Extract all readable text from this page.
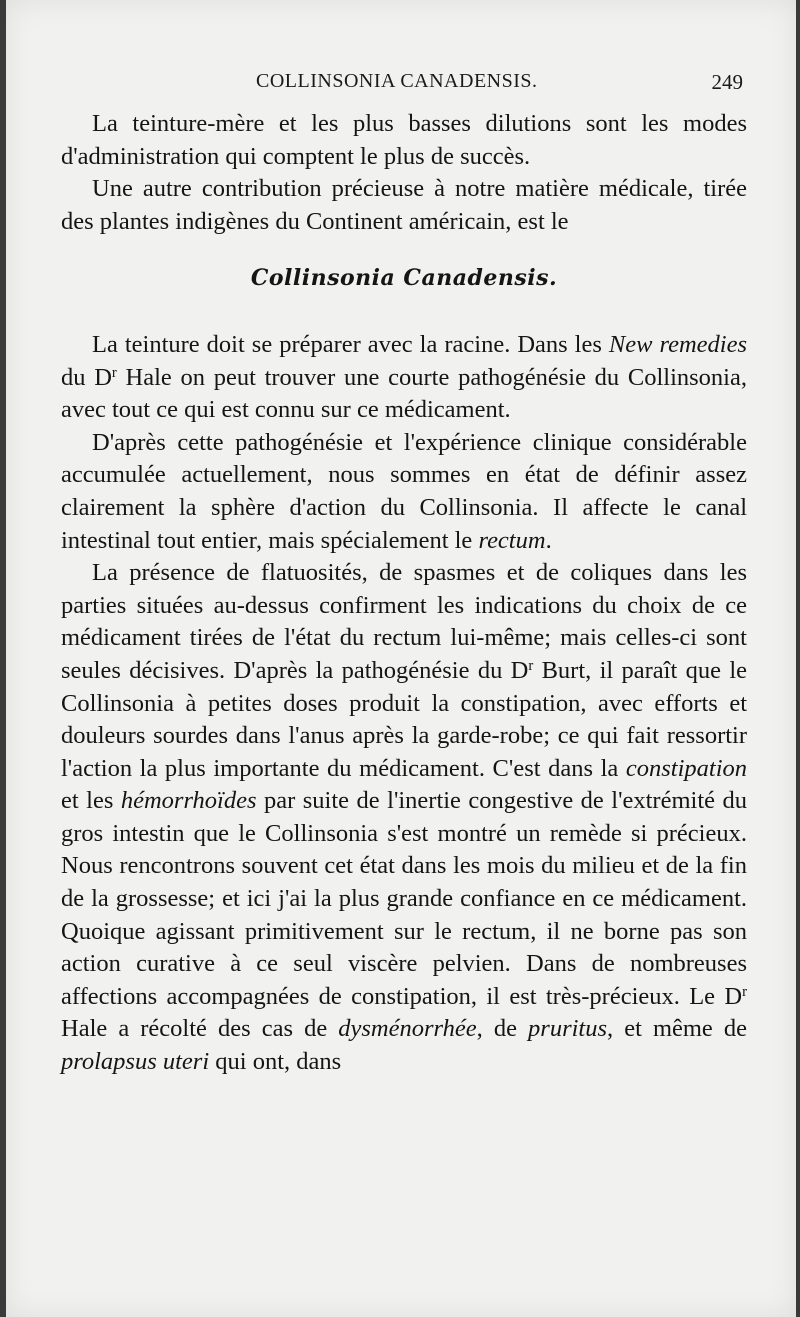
COLLINSONIA CANADENSIS.	249

La teinture-mère et les plus basses dilutions sont les modes d'administration qui comptent le plus de succès.

Une autre contribution précieuse à notre matière médicale, tirée des plantes indigènes du Continent américain, est le

Collinsonia Canadensis.

La teinture doit se préparer avec la racine. Dans les New remedies du $D^r$ Hale on peut trouver une courte pathogénésie du Collinsonia, avec tout ce qui est connu sur ce médicament.

D'après cette pathogénésie et l'expérience clinique considérable accumulée actuellement, nous sommes en état de définir assez clairement la sphère d'action du Collinsonia. Il affecte le canal intestinal tout entier, mais spécialement le rectum.

La présence de flatuosités, de spasmes et de coliques dans les parties situées au-dessus confirment les indications du choix de ce médicament tirées de l'état du rectum lui-même; mais celles-ci sont seules décisives. D'après la pathogénésie du $D^r$ Burt, il paraît que le Collinsonia à petites doses produit la constipation, avec efforts et douleurs sourdes dans l'anus après la garde-robe; ce qui fait ressortir l'action la plus importante du médicament. C'est dans la constipation et les hémorrhoïdes par suite de l'inertie congestive de l'extrémité du gros intestin que le Collinsonia s'est montré un remède si précieux. Nous rencontrons souvent cet état dans les mois du milieu et de la fin de la grossesse; et ici j'ai la plus grande confiance en ce médicament. Quoique agissant primitivement sur le rectum, il ne borne pas son action curative à ce seul viscère pelvien. Dans de nombreuses affections accompagnées de constipation, il est très-précieux. Le $D^r$ Hale a récolté des cas de dysménorrhée, de pruritus, et même de prolapsus uteri qui ont, dans
